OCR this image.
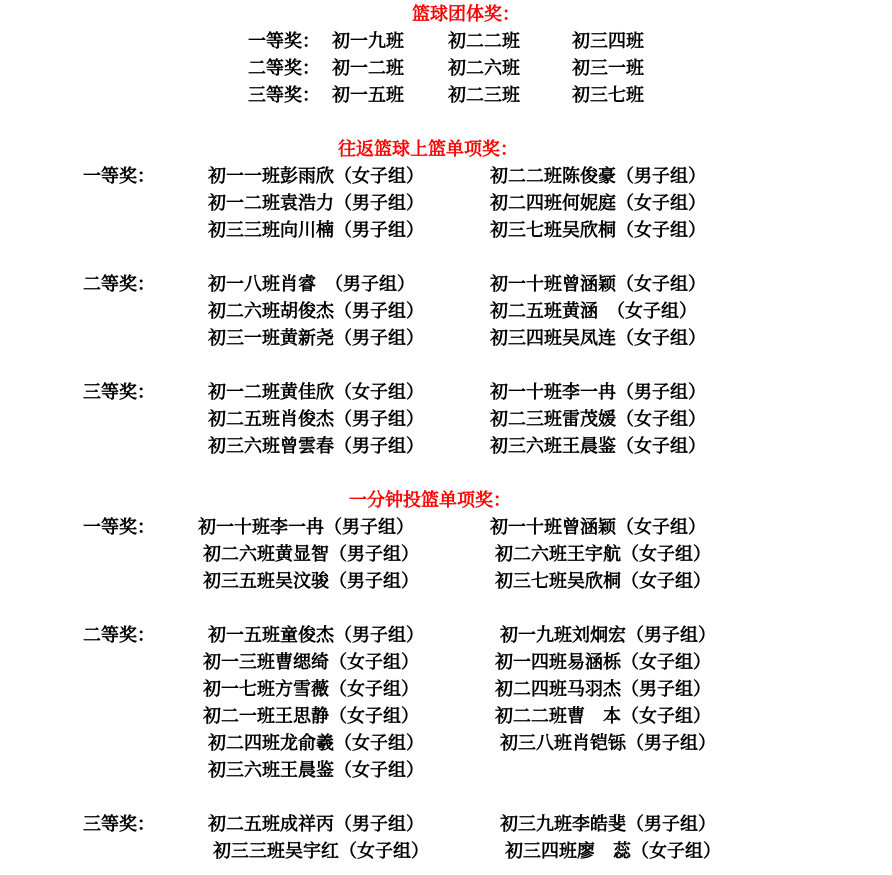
篮球团体奖：
一等奖： 初一九班 初二二班	初三四班
二等奖： 初一二班 初二六班	初三一班
三等奖： 初一五班 初二三班	初三七班
往返篮球上篮单项奖：
一等奖：	初一一班彭雨欣（女子组）	初二二班陈俊豪（男子组）
初一二班袁浩力（男子组）	初二四班何妮庭（女子组）
初三三班向川楠（男子组）	初三七班吴欣桐（女子组）
二等奖：	初一八班肖睿　（男子组）	初一十班曾涵颖（女子组）
初二六班胡俊杰（男子组）	初二五班黄涵　（女子组）
初三一班黄新尧（男子组）	初三四班吴凤连（女子组）
三等奖：	初一二班黄佳欣（女子组）	初一十班李一冉（男子组）
初二五班肖俊杰（男子组）	初二三班雷茂媛（女子组）
初三六班曾雲春（男子组）	初三六班王晨鉴（女子组）
一分钟投篮单项奖：
一等奖： 初一十班李一冉（男子组）	初一十班曾涵颖（女子组）
初二六班黄显智（男子组）	初二六班王宇航（女子组）
初三五班吴汶骏（男子组）	初三七班吴欣桐（女子组）
二等奖：	初一五班童俊杰（男子组）	初一九班刘炯宏（男子组）
初一三班曹缌绮（女子组）	初一四班易涵栎（女子组）
初一七班方雪薇（女子组）	初二四班马羽杰（男子组）
初二一班王思静（女子组）	初二二班曹　本（女子组）
初二四班龙俞羲（女子组）	初三八班肖铠铄（男子组）
初三六班王晨鉴（女子组）
三等奖：	初二五班成祥丙（男子组）	初三九班李皓斐（男子组）
初三三班吴宇红（女子组）	初三四班廖　蕊（女子组）
